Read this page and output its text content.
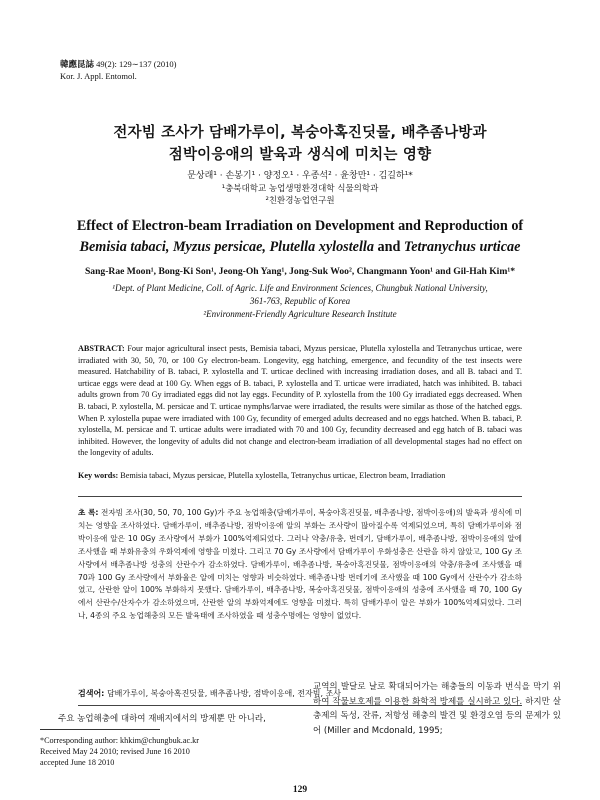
韓應昆誌 49(2): 129∼137 (2010)
Kor. J. Appl. Entomol.
전자빔 조사가 담배가루이, 복숭아혹진딧물, 배추좀나방과
점박이응애의 발육과 생식에 미치는 영향
문상래¹ · 손봉기¹ · 양정오¹ · 우종석² · 윤창만¹ · 김길하¹*
¹충북대학교 농업생명환경대학 식물의학과
²친환경농업연구원
Effect of Electron-beam Irradiation on Development and Reproduction of
Bemisia tabaci, Myzus persicae, Plutella xylostella and Tetranychus urticae
Sang-Rae Moon¹, Bong-Ki Son¹, Jeong-Oh Yang¹, Jong-Suk Woo², Changmann Yoon¹ and Gil-Hah Kim¹*
¹Dept. of Plant Medicine, Coll. of Agric. Life and Environment Sciences, Chungbuk National University,
361-763, Republic of Korea
²Environment-Friendly Agriculture Research Institute
ABSTRACT: Four major agricultural insect pests, Bemisia tabaci, Myzus persicae, Plutella xylostella and Tetranychus urticae, were irradiated with 30, 50, 70, or 100 Gy electron-beam. Longevity, egg hatching, emergence, and fecundity of the test insects were measured. Hatchability of B. tabaci, P. xylostella and T. urticae declined with increasing irradiation doses, and all B. tabaci and T. urticae eggs were dead at 100 Gy. When eggs of B. tabaci, P. xylostella and T. urticae were irradiated, hatch was inhibited. B. tabaci adults grown from 70 Gy irradiated eggs did not lay eggs. Fecundity of P. xylostella from the 100 Gy irradiated eggs decreased. When B. tabaci, P. xylostella, M. persicae and T. urticae nymphs/larvae were irradiated, the results were similar as those of the hatched eggs. When P. xylostella pupae were irradiated with 100 Gy, fecundity of emerged adults decreased and no eggs hatched. When B. tabaci, P. xylostella, M. persicae and T. urticae adults were irradiated with 70 and 100 Gy, fecundity decreased and egg hatch of B. tabaci was inhibited. However, the longevity of adults did not change and electron-beam irradiation of all developmental stages had no effect on the longevity of adults.
Key words: Bemisia tabaci, Myzus persicae, Plutella xylostella, Tetranychus urticae, Electron beam, Irradiation
초 록: 전자빔 조사(30, 50, 70, 100 Gy)가 주요 농업해충(담배가루이, 복숭아혹진딧물, 배추좀나방, 점박이응애)의 발육과 생식에 미치는 영향을 조사하였다. 담배가루이, 배추좀나방, 점박이응애 알의 부화는 조사량이 많아질수록 억제되었으며, 특히 담배가루이와 점박이응애 알은 10 0Gy 조사량에서 부화가 100%억제되었다. 그러나 약충/유충, 번데기, 담배가루이, 배추좀나방, 점박이응애의 알에 조사했을 때 부화유충의 우화억제에 영향을 미쳤다. 그리고 70 Gy 조사량에서 담배가루이 우화성충은 산란을 하지 않았고, 100 Gy 조사량에서 배추좀나방 성충의 산란수가 감소하였다. 담배가루이, 배추좀나방, 복숭아혹진딧물, 점박이응애의 약충/유충에 조사했을 때 70과 100 Gy 조사량에서 부화율은 알에 미치는 영향과 비슷하였다. 배추좀나방 번데기에 조사했을 때 100 Gy에서 산란수가 감소하였고, 산란한 알이 100% 부화하지 못했다. 담배가루이, 배추좀나방, 복숭아혹진딧물, 점박이응애의 성충에 조사했을 때 70, 100 Gy에서 산란수/산자수가 감소하였으며, 산란한 알의 부화억제에도 영향을 미쳤다. 특히 담배가루이 알은 부화가 100%억제되었다. 그러나, 4종의 주요 농업해충의 모든 발육태에 조사하였을 때 성충수명에는 영향이 없었다.
검색어: 담배가루이, 복숭아혹진딧물, 배추좀나방, 점박이응애, 전자빔, 조사
주요 농업해충에 대하여 재배지에서의 방제뿐 만 아니라,
*Corresponding author: khkim@chungbuk.ac.kr
Received May 24 2010; revised June 16 2010
accepted June 18 2010
교역의 발달로 날로 확대되어가는 해충들의 이동과 번식을 막기 위하여 작물보호제를 이용한 화학적 방제를 실시하고 있다. 하지만 살충제의 독성, 잔류, 저항성 해충의 발견 및 환경오염 등의 문제가 있어 (Miller and Mcdonald, 1995;
129
